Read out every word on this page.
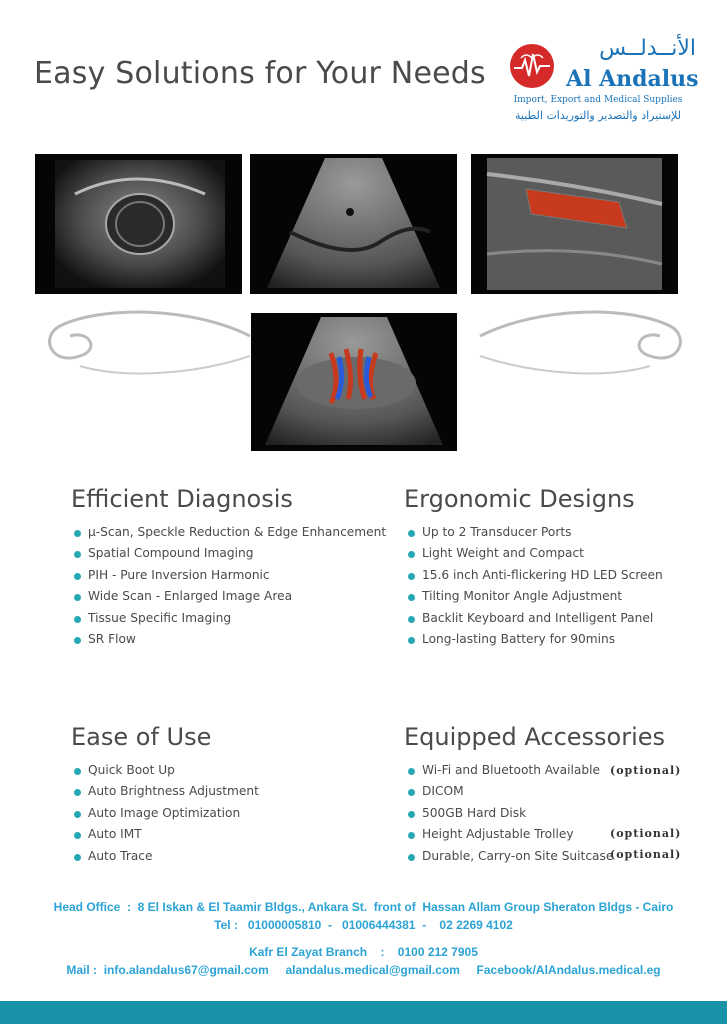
Easy Solutions for Your Needs
الأنــدلــس
Al Andalus
Import, Export and Medical Supplies
للإستيراد والتصدير والتوريدات الطبية
Efficient Diagnosis
µ-Scan, Speckle Reduction & Edge Enhancement
Spatial Compound Imaging
PIH - Pure Inversion Harmonic
Wide Scan - Enlarged Image Area
Tissue Specific Imaging
SR Flow
Ergonomic Designs
Up to 2 Transducer Ports
Light Weight and Compact
15.6 inch Anti-flickering HD LED Screen
Tilting Monitor Angle Adjustment
Backlit Keyboard and Intelligent Panel
Long-lasting Battery for 90mins
Ease of Use
Quick Boot Up
Auto Brightness Adjustment
Auto Image Optimization
Auto IMT
Auto Trace
Equipped Accessories
Wi-Fi and Bluetooth Available
DICOM
500GB Hard Disk
Height Adjustable Trolley
Durable, Carry-on Site Suitcase
(optional)
(optional)
(optional)
Head Office  :  8 El Iskan & El Taamir Bldgs., Ankara St.  front of  Hassan Allam Group Sheraton Bldgs - Cairo
Tel :   01000005810  -   01006444381  -    02 2269 4102
Kafr El Zayat Branch    :    0100 212 7905
Mail :  info.alandalus67@gmail.com     alandalus.medical@gmail.com     Facebook/AlAndalus.medical.eg
